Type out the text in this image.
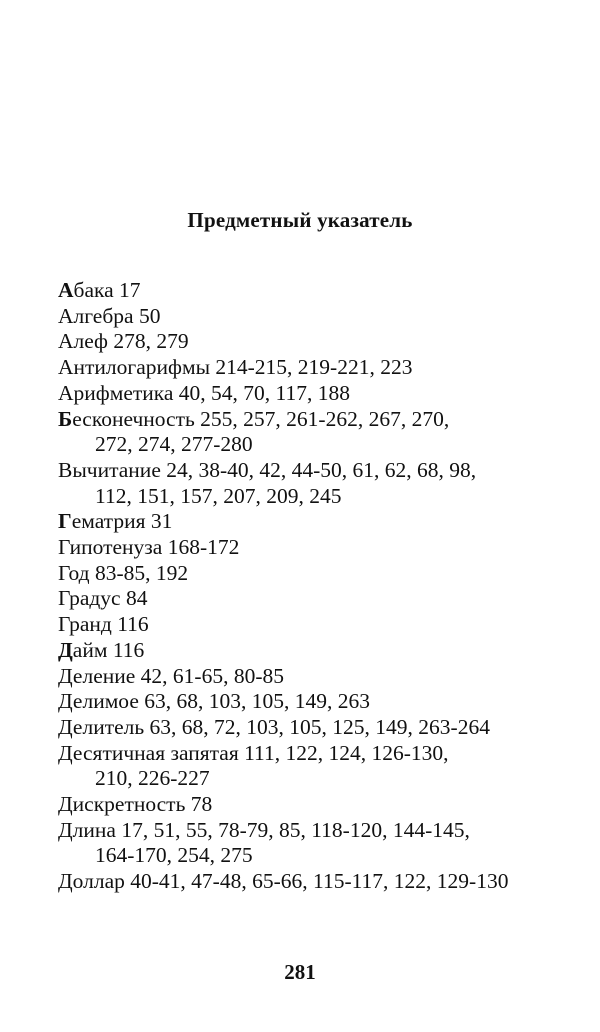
Предметный указатель
Абака 17
Алгебра 50
Алеф 278, 279
Антилогарифмы 214-215, 219-221, 223
Арифметика 40, 54, 70, 117, 188
Бесконечность 255, 257, 261-262, 267, 270,
272, 274, 277-280
Вычитание 24, 38-40, 42, 44-50, 61, 62, 68, 98,
112, 151, 157, 207, 209, 245
Гематрия 31
Гипотенуза 168-172
Год 83-85, 192
Градус 84
Гранд 116
Дайм 116
Деление 42, 61-65, 80-85
Делимое 63, 68, 103, 105, 149, 263
Делитель 63, 68, 72, 103, 105, 125, 149, 263-264
Десятичная запятая 111, 122, 124, 126-130,
210, 226-227
Дискретность 78
Длина 17, 51, 55, 78-79, 85, 118-120, 144-145,
164-170, 254, 275
Доллар 40-41, 47-48, 65-66, 115-117, 122, 129-130
281
